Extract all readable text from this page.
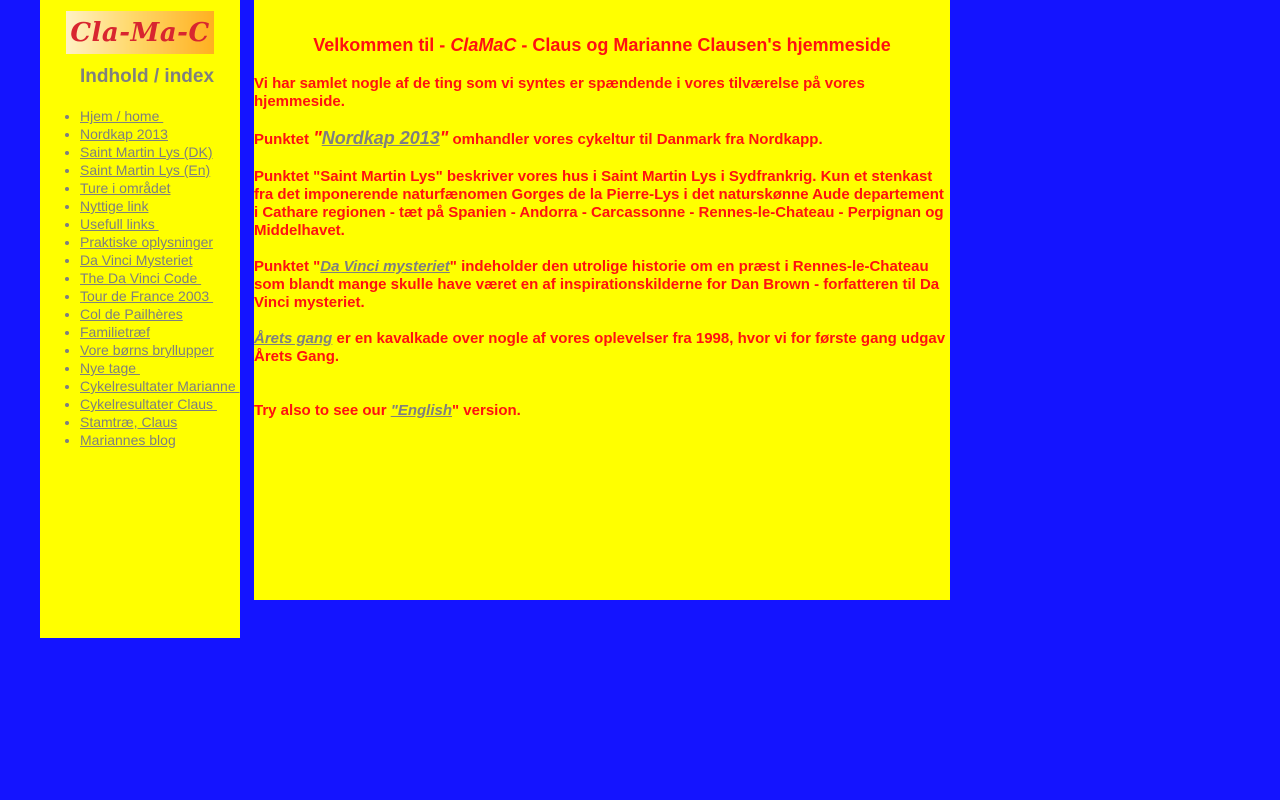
Cla-Ma-C
Indhold / index
• Hjem / home
• Nordkap 2013
• Saint Martin Lys (DK)
• Saint Martin Lys (En)
• Ture i området
• Nyttige link
• Usefull links
• Praktiske oplysninger
• Da Vinci Mysteriet
• The Da Vinci Code
• Tour de France 2003
• Col de Pailhères
• Familietræf
• Vore børns bryllupper
• Nye tage
• Cykelresultater Marianne
• Cykelresultater Claus
• Stamtræ, Claus
• Mariannes blog
Velkommen til - ClaMaC - Claus og Marianne Clausen's hjemmeside

Vi har samlet nogle af de ting som vi syntes er spændende i vores tilværelse på vores hjemmeside.

Punktet "Nordkap 2013" omhandler vores cykeltur til Danmark fra Nordkapp.

Punktet "Saint Martin Lys" beskriver vores hus i Saint Martin Lys i Sydfrankrig. Kun et stenkast fra det imponerende naturfænomen Gorges de la Pierre-Lys i det naturskønne Aude departement i Cathare regionen - tæt på Spanien - Andorra - Carcassonne - Rennes-le-Chateau - Perpignan og Middelhavet.

Punktet "Da Vinci mysteriet" indeholder den utrolige historie om en præst i Rennes-le-Chateau som blandt mange skulle have været en af inspirationskilderne for Dan Brown - forfatteren til Da Vinci mysteriet.

Årets gang er en kavalkade over nogle af vores oplevelser fra 1998, hvor vi for første gang udgav Årets Gang.

Try also to see our "English" version.
